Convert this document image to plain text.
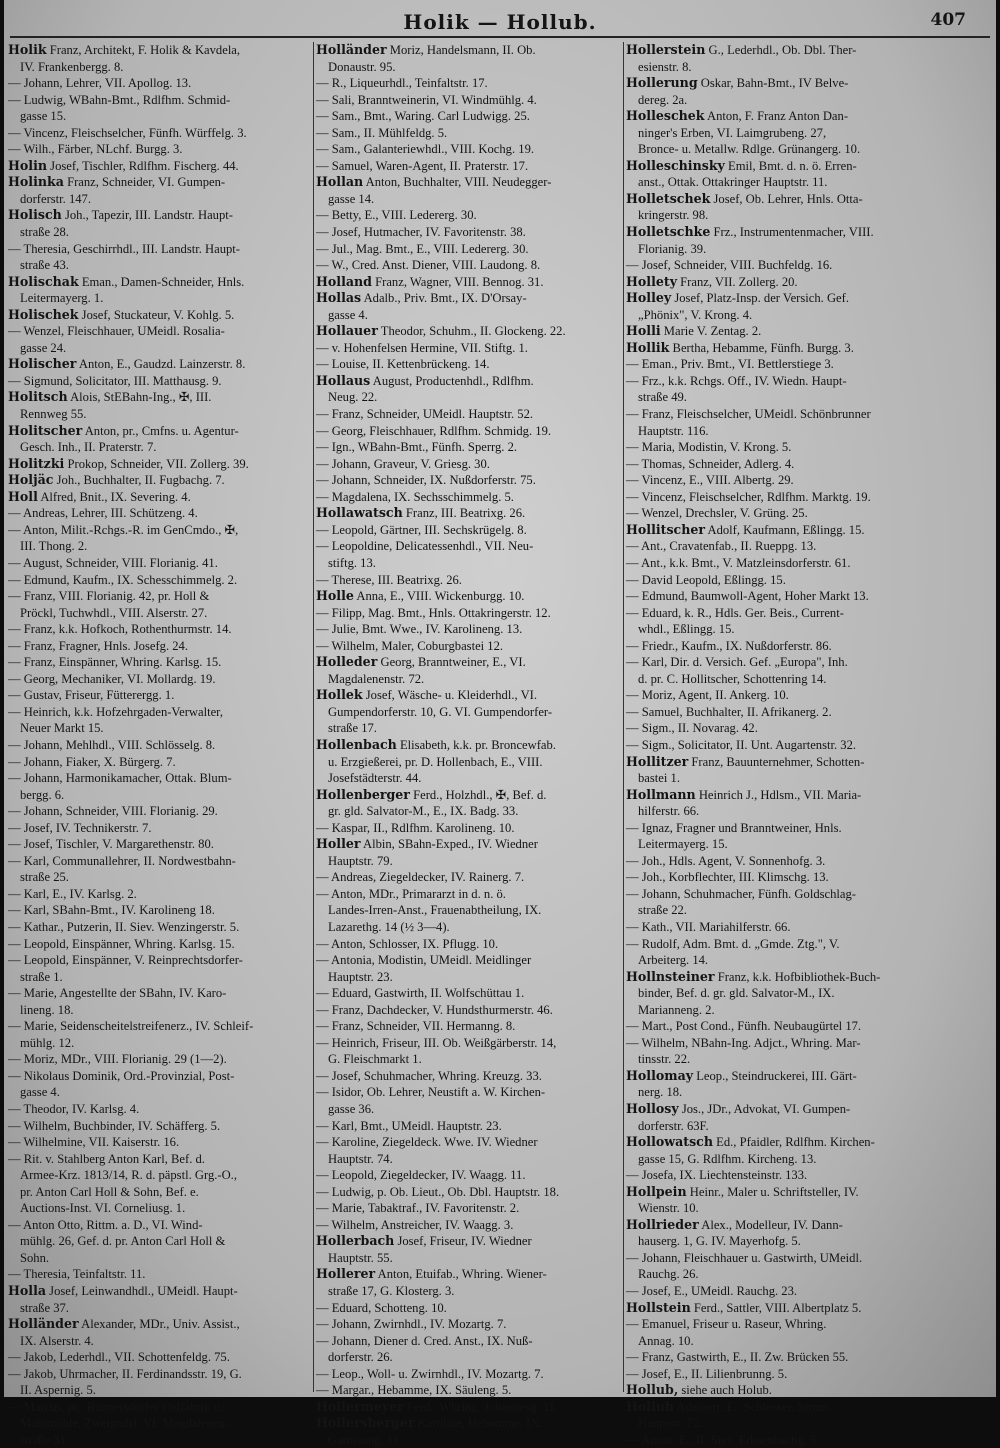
Holik — Hollub.	407
Holik Franz, Architekt, F. Holik & Kavdela,
IV. Frankenbergg. 8.
— Johann, Lehrer, VII. Apollog. 13.
— Ludwig, WBahn-Bmt., Rdlfhm. Schmid-
gasse 15.
— Vincenz, Fleischselcher, Fünfh. Würffelg. 3.
— Wilh., Färber, NLchf. Burgg. 3.
Holin Josef, Tischler, Rdlfhm. Fischerg. 44.
Holinka Franz, Schneider, VI. Gumpen-
dorferstr. 147.
Holisch Joh., Tapezir, III. Landstr. Haupt-
straße 28.
— Theresia, Geschirrhdl., III. Landstr. Haupt-
straße 43.
Holischak Eman., Damen-Schneider, Hnls.
Leitermayerg. 1.
Holischek Josef, Stuckateur, V. Kohlg. 5.
— Wenzel, Fleischhauer, UMeidl. Rosalia-
gasse 24.
Holischer Anton, E., Gaudzd. Lainzerstr. 8.
— Sigmund, Solicitator, III. Matthausg. 9.
Holitsch Alois, StEBahn-Ing., ✠, III.
Rennweg 55.
Holitscher Anton, pr., Cmfns. u. Agentur-
Gesch. Inh., II. Praterstr. 7.
Holitzki Prokop, Schneider, VII. Zollerg. 39.
Holjäc Joh., Buchhalter, II. Fugbachg. 7.
Holl Alfred, Bnit., IX. Severing. 4.
— Andreas, Lehrer, III. Schützeng. 4.
— Anton, Milit.-Rchgs.-R. im GenCmdo., ✠,
III. Thong. 2.
— August, Schneider, VIII. Florianig. 41.
— Edmund, Kaufm., IX. Schesschimmelg. 2.
— Franz, VIII. Florianig. 42, pr. Holl &
Pröckl, Tuchwhdl., VIII. Alserstr. 27.
— Franz, k.k. Hofkoch, Rothenthurmstr. 14.
— Franz, Fragner, Hnls. Josefg. 24.
— Franz, Einspänner, Whring. Karlsg. 15.
— Georg, Mechaniker, VI. Mollardg. 19.
— Gustav, Friseur, Fütterergg. 1.
— Heinrich, k.k. Hofzehrgaden-Verwalter,
Neuer Markt 15.
— Johann, Mehlhdl., VIII. Schlösselg. 8.
— Johann, Fiaker, X. Bürgerg. 7.
— Johann, Harmonikamacher, Ottak. Blum-
bergg. 6.
— Johann, Schneider, VIII. Florianig. 29.
— Josef, IV. Technikerstr. 7.
— Josef, Tischler, V. Margarethenstr. 80.
— Karl, Communallehrer, II. Nordwestbahn-
straße 25.
— Karl, E., IV. Karlsg. 2.
— Karl, SBahn-Bmt., IV. Karolineng 18.
— Kathar., Putzerin, II. Siev. Wenzingerstr. 5.
— Leopold, Einspänner, Whring. Karlsg. 15.
— Leopold, Einspänner, V. Reinprechtsdorfer-
straße 1.
— Marie, Angestellte der SBahn, IV. Karo-
lineng. 18.
— Marie, Seidenscheitelstreifenerz., IV. Schleif-
mühlg. 12.
— Moriz, MDr., VIII. Florianig. 29 (1—2).
— Nikolaus Dominik, Ord.-Provinzial, Post-
gasse 4.
— Theodor, IV. Karlsg. 4.
— Wilhelm, Buchbinder, IV. Schäfferg. 5.
— Wilhelmine, VII. Kaiserstr. 16.
— Rit. v. Stahlberg Anton Karl, Bef. d.
Armee-Krz. 1813/14, R. d. päpstl. Grg.-O.,
pr. Anton Carl Holl & Sohn, Bef. e.
Auctions-Inst. VI. Corneliusg. 1.
— Anton Otto, Rittm. a. D., VI. Wind-
mühlg. 26, Gef. d. pr. Anton Carl Holl &
Sohn.
— Theresia, Teinfaltstr. 11.
Holla Josef, Leinwandhdl., UMeidl. Haupt-
straße 37.
Holländer Alexander, MDr., Univ. Assist.,
IX. Alserstr. 4.
— Jakob, Lederhdl., VII. Schottenfeldg. 75.
— Jakob, Uhrmacher, II. Ferdinandsstr. 19, G.
II. Aspernig. 5.
— Marcus, pr., Rannersdorfer Oelfabrik u.
Mahlmühle, Zweigndrl. VI. Magdalenen-
straße 31.
Holländer Moriz, Handelsmann, II. Ob.
Donaustr. 95.
— R., Liqueurhdl., Teinfaltstr. 17.
— Sali, Branntweinerin, VI. Windmühlg. 4.
— Sam., Bmt., Waring. Carl Ludwigg. 25.
— Sam., II. Mühlfeldg. 5.
— Sam., Galanteriewhdl., VIII. Kochg. 19.
— Samuel, Waren-Agent, II. Praterstr. 17.
Hollan Anton, Buchhalter, VIII. Neudegger-
gasse 14.
— Betty, E., VIII. Ledererg. 30.
— Josef, Hutmacher, IV. Favoritenstr. 38.
— Jul., Mag. Bmt., E., VIII. Ledererg. 30.
— W., Cred. Anst. Diener, VIII. Laudong. 8.
Holland Franz, Wagner, VIII. Bennog. 31.
Hollas Adalb., Priv. Bmt., IX. D'Orsay-
gasse 4.
Hollauer Theodor, Schuhm., II. Glockeng. 22.
— v. Hohenfelsen Hermine, VII. Stiftg. 1.
— Louise, II. Kettenbrückeng. 14.
Hollaus August, Productenhdl., Rdlfhm.
Neug. 22.
— Franz, Schneider, UMeidl. Hauptstr. 52.
— Georg, Fleischhauer, Rdlfhm. Schmidg. 19.
— Ign., WBahn-Bmt., Fünfh. Sperrg. 2.
— Johann, Graveur, V. Griesg. 30.
— Johann, Schneider, IX. Nußdorferstr. 75.
— Magdalena, IX. Sechsschimmelg. 5.
Hollawatsch Franz, III. Beatrixg. 26.
— Leopold, Gärtner, III. Sechskrügelg. 8.
— Leopoldine, Delicatessenhdl., VII. Neu-
stiftg. 13.
— Therese, III. Beatrixg. 26.
Holle Anna, E., VIII. Wickenburgg. 10.
— Filipp, Mag. Bmt., Hnls. Ottakringerstr. 12.
— Julie, Bmt. Wwe., IV. Karolineng. 13.
— Wilhelm, Maler, Coburgbastei 12.
Holleder Georg, Branntweiner, E., VI.
Magdalenenstr. 72.
Hollek Josef, Wäsche- u. Kleiderhdl., VI.
Gumpendorferstr. 10, G. VI. Gumpendorfer-
straße 17.
Hollenbach Elisabeth, k.k. pr. Broncewfab.
u. Erzgießerei, pr. D. Hollenbach, E., VIII.
Josefstädterstr. 44.
Hollenberger Ferd., Holzhdl., ✠, Bef. d.
gr. gld. Salvator-M., E., IX. Badg. 33.
— Kaspar, II., Rdlfhm. Karolineng. 10.
Holler Albin, SBahn-Exped., IV. Wiedner
Hauptstr. 79.
— Andreas, Ziegeldecker, IV. Rainerg. 7.
— Anton, MDr., Primararzt in d. n. ö.
Landes-Irren-Anst., Frauenabtheilung, IX.
Lazarethg. 14 (½ 3—4).
— Anton, Schlosser, IX. Pflugg. 10.
— Antonia, Modistin, UMeidl. Meidlinger
Hauptstr. 23.
— Eduard, Gastwirth, II. Wolfschüttau 1.
— Franz, Dachdecker, V. Hundsthurmerstr. 46.
— Franz, Schneider, VII. Hermanng. 8.
— Heinrich, Friseur, III. Ob. Weißgärberstr. 14,
G. Fleischmarkt 1.
— Josef, Schuhmacher, Whring. Kreuzg. 33.
— Isidor, Ob. Lehrer, Neustift a. W. Kirchen-
gasse 36.
— Karl, Bmt., UMeidl. Hauptstr. 23.
— Karoline, Ziegeldeck. Wwe. IV. Wiedner
Hauptstr. 74.
— Leopold, Ziegeldecker, IV. Waagg. 11.
— Ludwig, p. Ob. Lieut., Ob. Dbl. Hauptstr. 18.
— Marie, Tabaktraf., IV. Favoritenstr. 2.
— Wilhelm, Anstreicher, IV. Waagg. 3.
Hollerbach Josef, Friseur, IV. Wiedner
Hauptstr. 55.
Hollerer Anton, Etuifab., Whring. Wiener-
straße 17, G. Klosterg. 3.
— Eduard, Schotteng. 10.
— Johann, Zwirnhdl., IV. Mozartg. 7.
— Johann, Diener d. Cred. Anst., IX. Nuß-
dorferstr. 26.
— Leop., Woll- u. Zwirnhdl., IV. Mozartg. 7.
— Margar., Hebamme, IX. Säuleng. 5.
Hollermeyer Ferd., Whring. Johannesg. 11.
Hollersberger Karoline, Hebamme, IX.
Garnisong. 11.
Hollerstein G., Lederhdl., Ob. Dbl. Ther-
esienstr. 8.
Hollerung Oskar, Bahn-Bmt., IV Belve-
dereg. 2a.
Holleschek Anton, F. Franz Anton Dan-
ninger's Erben, VI. Laimgrubeng. 27,
Bronce- u. Metallw. Rdlge. Grünangerg. 10.
Holleschinsky Emil, Bmt. d. n. ö. Erren-
anst., Ottak. Ottakringer Hauptstr. 11.
Holletschek Josef, Ob. Lehrer, Hnls. Otta-
kringerstr. 98.
Holletschke Frz., Instrumentenmacher, VIII.
Florianig. 39.
— Josef, Schneider, VIII. Buchfeldg. 16.
Hollety Franz, VII. Zollerg. 20.
Holley Josef, Platz-Insp. der Versich. Gef.
„Phönix", V. Krong. 4.
Holli Marie V. Zentag. 2.
Hollik Bertha, Hebamme, Fünfh. Burgg. 3.
— Eman., Priv. Bmt., VI. Bettlerstiege 3.
— Frz., k.k. Rchgs. Off., IV. Wiedn. Haupt-
straße 49.
— Franz, Fleischselcher, UMeidl. Schönbrunner
Hauptstr. 116.
— Maria, Modistin, V. Krong. 5.
— Thomas, Schneider, Adlerg. 4.
— Vincenz, E., VIII. Albertg. 29.
— Vincenz, Fleischselcher, Rdlfhm. Marktg. 19.
— Wenzel, Drechsler, V. Grüng. 25.
Hollitscher Adolf, Kaufmann, Eßlingg. 15.
— Ant., Cravatenfab., II. Rueppg. 13.
— Ant., k.k. Bmt., V. Matzleinsdorferstr. 61.
— David Leopold, Eßlingg. 15.
— Edmund, Baumwoll-Agent, Hoher Markt 13.
— Eduard, k. R., Hdls. Ger. Beis., Current-
whdl., Eßlingg. 15.
— Friedr., Kaufm., IX. Nußdorferstr. 86.
— Karl, Dir. d. Versich. Gef. „Europa", Inh.
d. pr. C. Hollitscher, Schottenring 14.
— Moriz, Agent, II. Ankerg. 10.
— Samuel, Buchhalter, II. Afrikanerg. 2.
— Sigm., II. Novarag. 42.
— Sigm., Solicitator, II. Unt. Augartenstr. 32.
Hollitzer Franz, Bauunternehmer, Schotten-
bastei 1.
Hollmann Heinrich J., Hdlsm., VII. Maria-
hilferstr. 66.
— Ignaz, Fragner und Branntweiner, Hnls.
Leitermayerg. 15.
— Joh., Hdls. Agent, V. Sonnenhofg. 3.
— Joh., Korbflechter, III. Klimschg. 13.
— Johann, Schuhmacher, Fünfh. Goldschlag-
straße 22.
— Kath., VII. Mariahilferstr. 66.
— Rudolf, Adm. Bmt. d. „Gmde. Ztg.", V.
Arbeiterg. 14.
Hollnsteiner Franz, k.k. Hofbibliothek-Buch-
binder, Bef. d. gr. gld. Salvator-M., IX.
Marianneng. 2.
— Mart., Post Cond., Fünfh. Neubaugürtel 17.
— Wilhelm, NBahn-Ing. Adjct., Whring. Mar-
tinsstr. 22.
Hollomay Leop., Steindruckerei, III. Gärt-
nerg. 18.
Hollosy Jos., JDr., Advokat, VI. Gumpen-
dorferstr. 63F.
Hollowatsch Ed., Pfaidler, Rdlfhm. Kirchen-
gasse 15, G. Rdlfhm. Kircheng. 13.
— Josefa, IX. Liechtensteinstr. 133.
Hollpein Heinr., Maler u. Schriftsteller, IV.
Wienstr. 10.
Hollrieder Alex., Modelleur, IV. Dann-
hauserg. 1, G. IV. Mayerhofg. 5.
— Johann, Fleischhauer u. Gastwirth, UMeidl.
Rauchg. 26.
— Josef, E., UMeidl. Rauchg. 23.
Hollstein Ferd., Sattler, VIII. Albertplatz 5.
— Emanuel, Friseur u. Raseur, Whring.
Annag. 10.
— Franz, Gastwirth, E., II. Zw. Brücken 55.
— Josef, E., II. Lilienbrunng. 5.
Hollub, siehe auch Holub.
Hollub Adalbert, E., Schlosser, Simm.
Hauptstr. 72.
— Anton, E., II. Siev. Erbsenbachg. 5.
